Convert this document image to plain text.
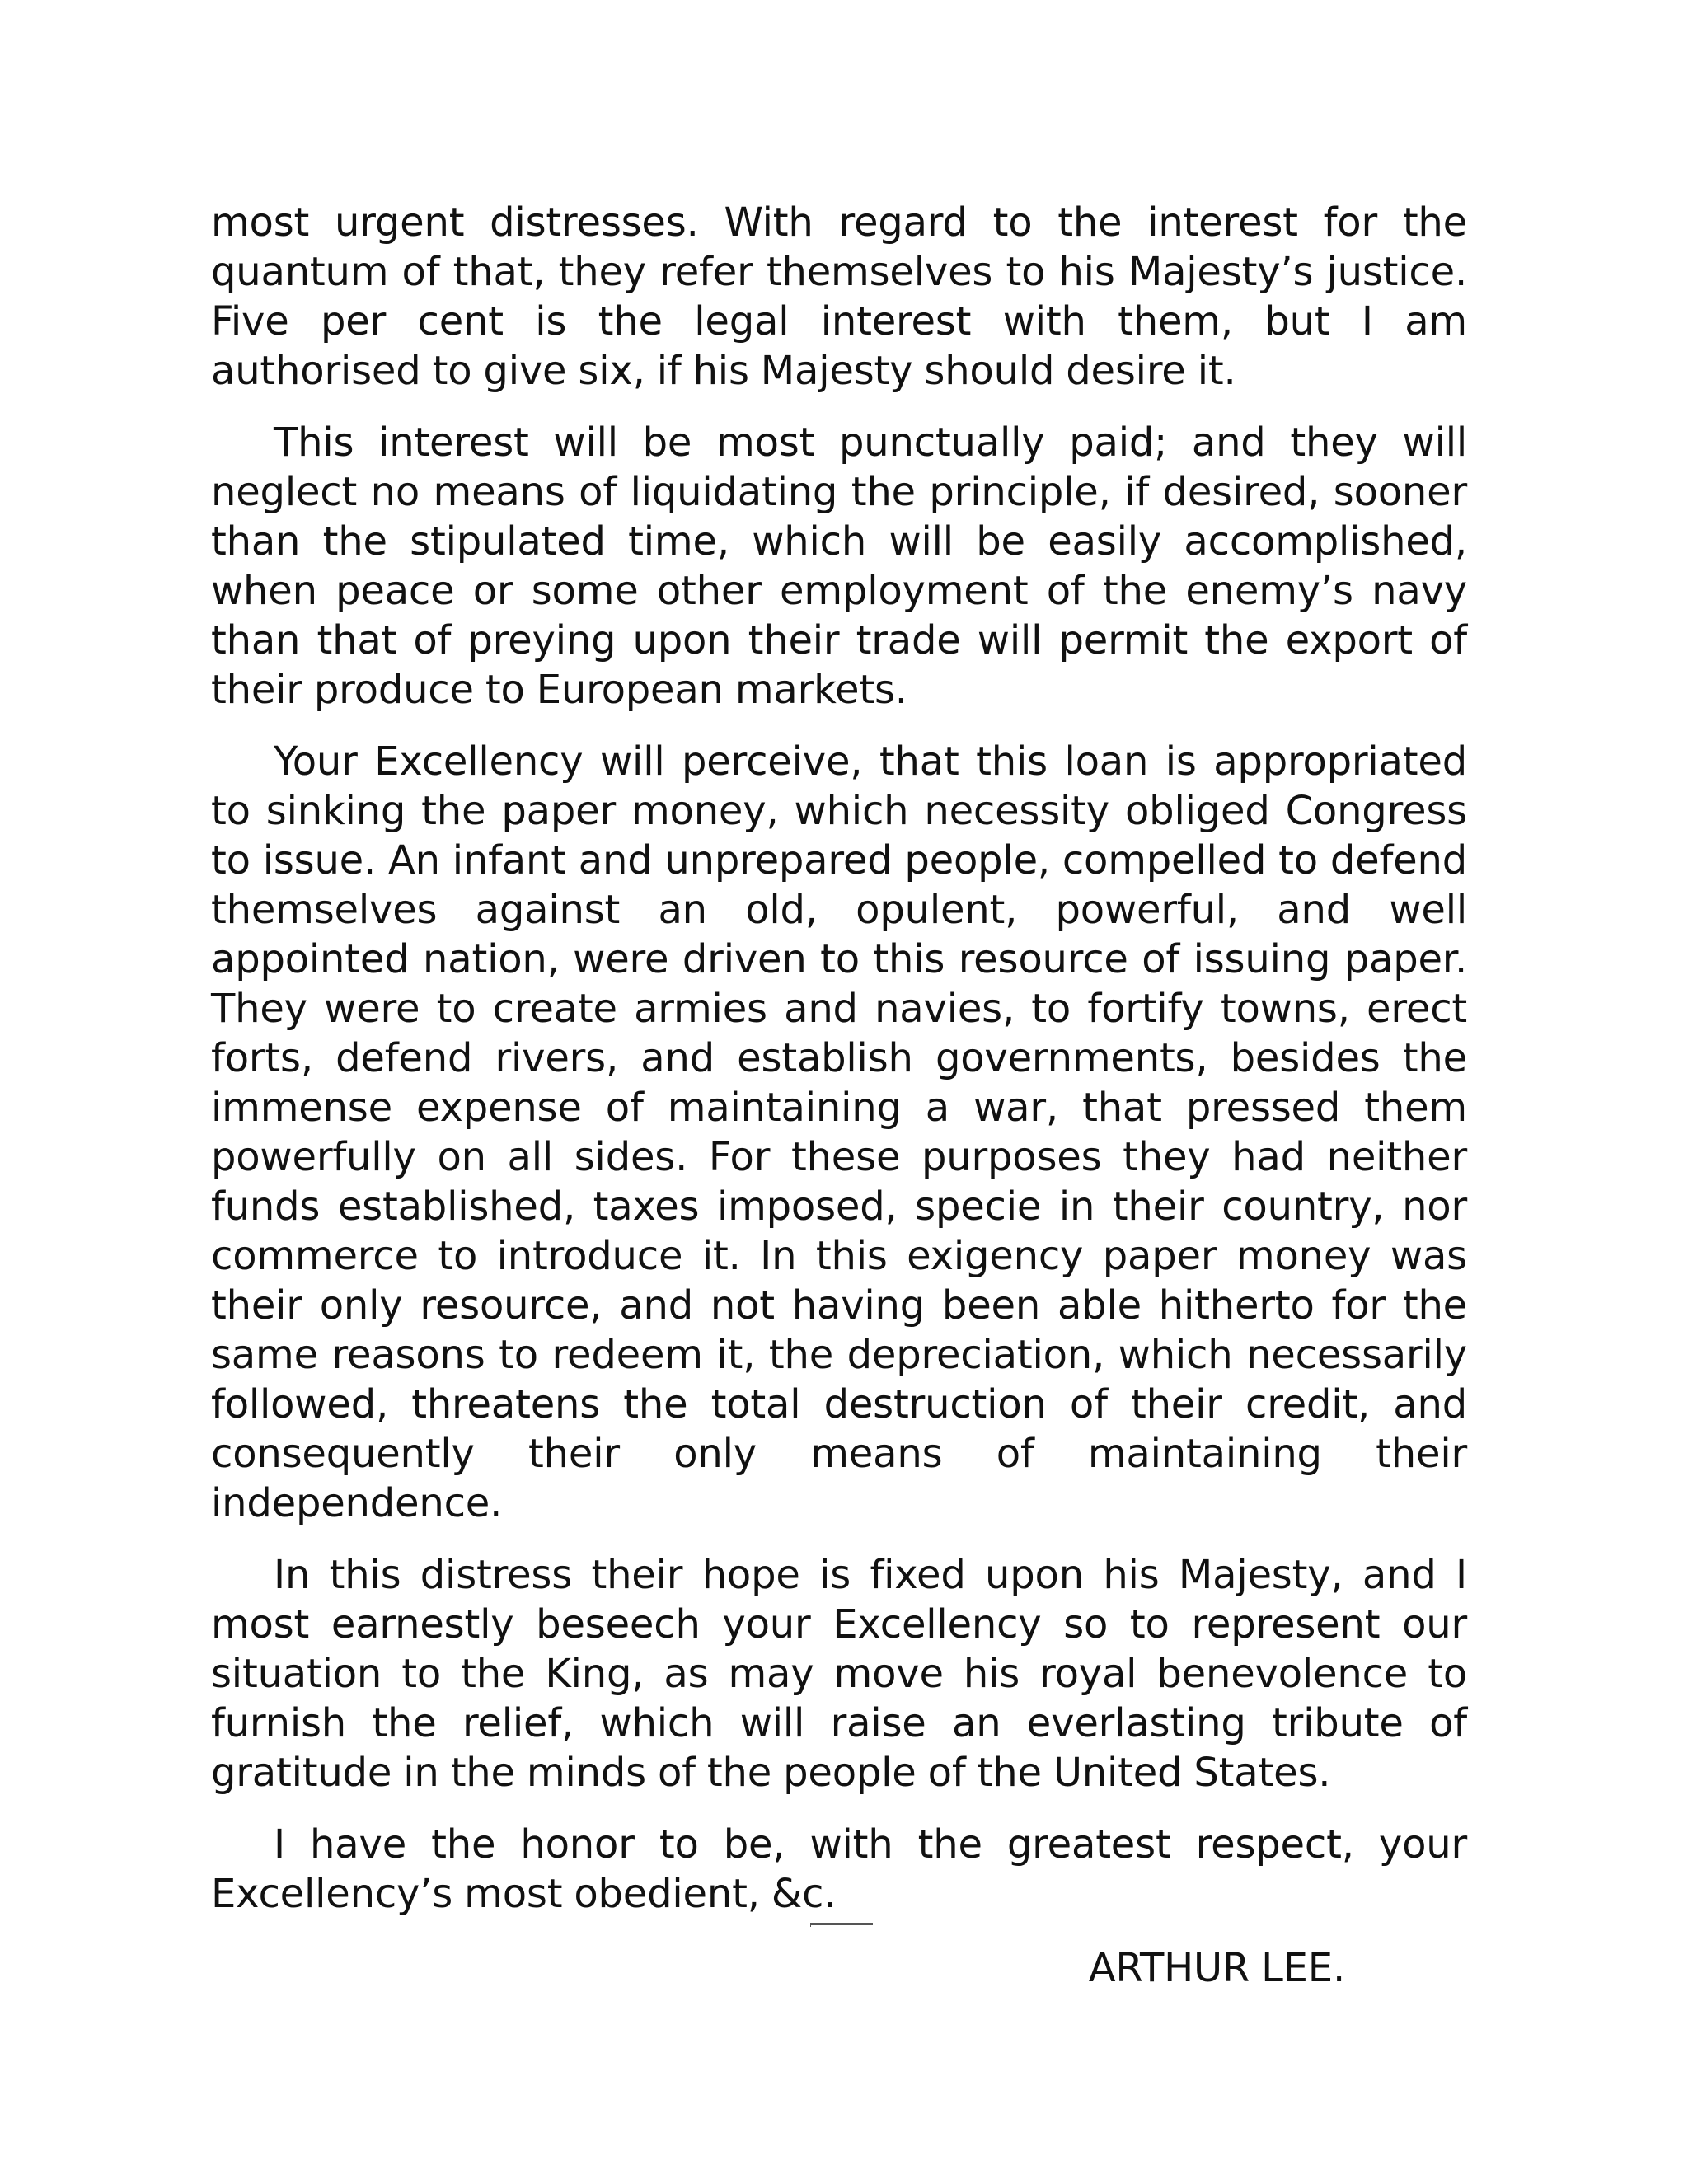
most urgent distresses. With regard to the interest for the quantum of that, they refer themselves to his Majesty’s justice. Five per cent is the legal interest with them, but I am authorised to give six, if his Majesty should desire it.

This interest will be most punctually paid; and they will neglect no means of liquidating the principle, if desired, sooner than the stipulated time, which will be easily accomplished, when peace or some other employment of the enemy’s navy than that of preying upon their trade will permit the export of their produce to European markets.

Your Excellency will perceive, that this loan is appropriated to sinking the paper money, which necessity obliged Congress to issue. An infant and unprepared people, compelled to defend themselves against an old, opulent, powerful, and well appointed nation, were driven to this resource of issuing paper. They were to create armies and navies, to fortify towns, erect forts, defend rivers, and establish governments, besides the immense expense of maintaining a war, that pressed them powerfully on all sides. For these purposes they had neither funds established, taxes imposed, specie in their country, nor commerce to introduce it. In this exigency paper money was their only resource, and not having been able hitherto for the same reasons to redeem it, the depreciation, which necessarily followed, threatens the total destruction of their credit, and consequently their only means of maintaining their independence.

In this distress their hope is fixed upon his Majesty, and I most earnestly beseech your Excellency so to represent our situation to the King, as may move his royal benevolence to furnish the relief, which will raise an everlasting tribute of gratitude in the minds of the people of the United States.

I have the honor to be, with the greatest respect, your Excellency’s most obedient, &c.

ARTHUR LEE.
